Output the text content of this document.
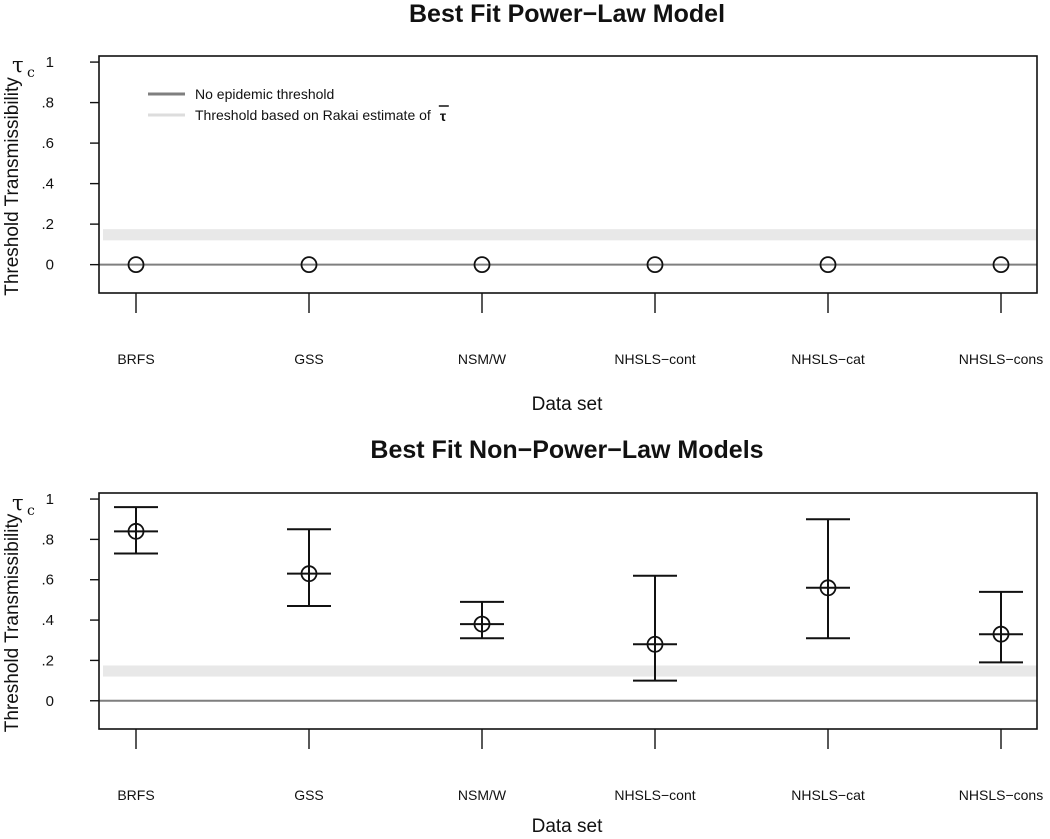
Best Fit Power−Law Model
0
.2
.4
.6
.8
1
Threshold Transmissibility
τ c
BRFS	GSS	NSM/W	NHSLS−cont	NHSLS−cat	NHSLS−cons
Data set
No epidemic threshold
Threshold based on Rakai estimate of τ
Best Fit Non−Power−Law Models
0
.2
.4
.6
.8
1
Threshold Transmissibility
τ c
BRFS	GSS	NSM/W	NHSLS−cont	NHSLS−cat	NHSLS−cons
Data set
